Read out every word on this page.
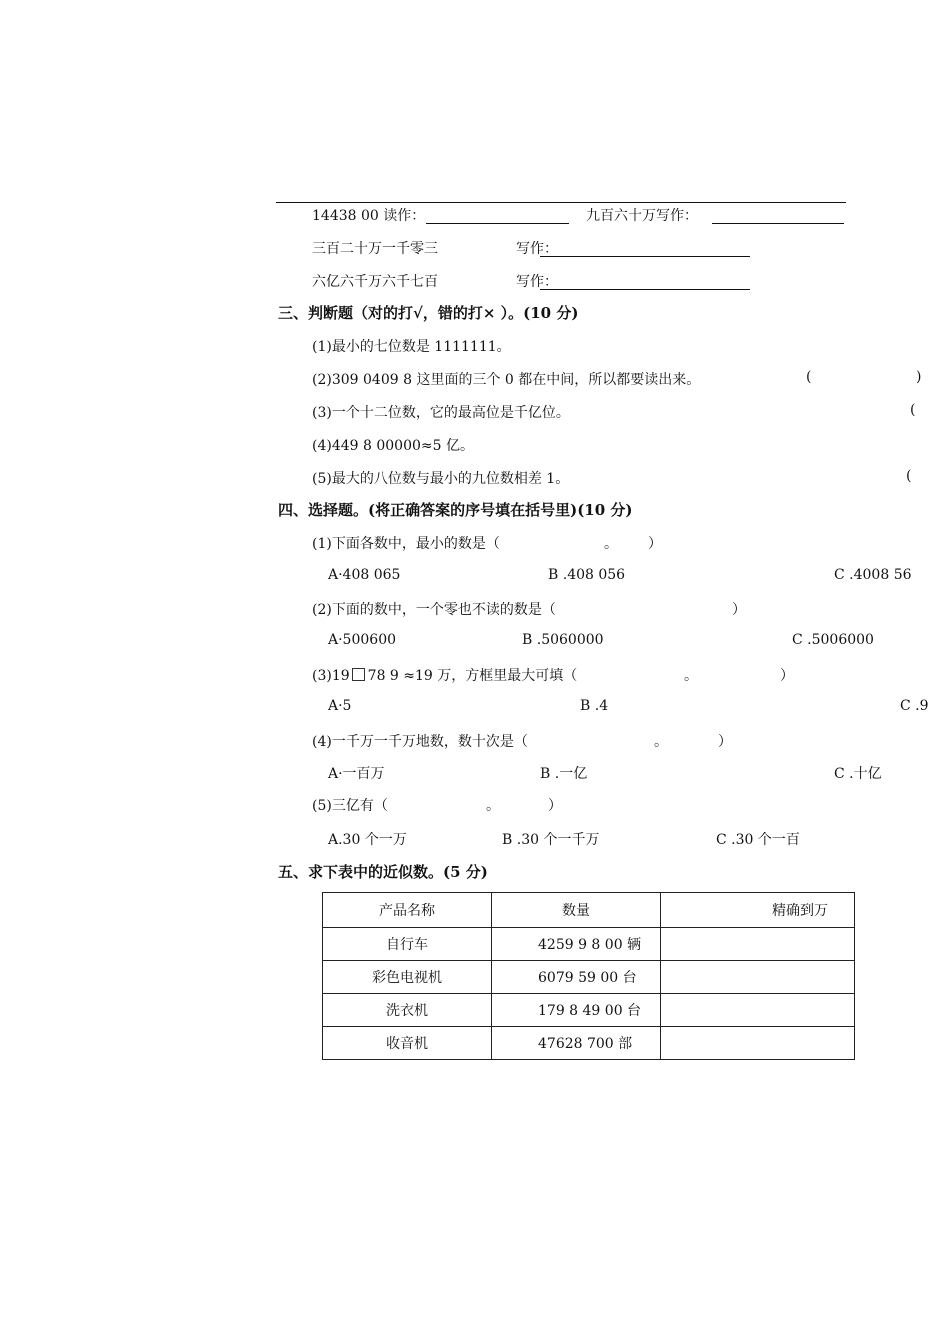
14438 00 读作：	九百六十万写作：
三百二十万一千零三	写作：
六亿六千万六千七百	写作：
三、判断题（对的打√，错的打× ）。(10 分)
(1)最小的七位数是 1111111。
(2)309 0409 8 这里面的三个 0 都在中间，所以都要读出来。	(	)
(3)一个十二位数，它的最高位是千亿位。	(
(4)449 8 00000≈5 亿。
(5)最大的八位数与最小的九位数相差 1。	(
四、选择题。(将正确答案的序号填在括号里)(10 分)
(1)下面各数中，最小的数是（	。 ）
A·408 065	B .408 056	C .4008 56
(2)下面的数中，一个零也不读的数是（	）
A·500600	B .5060000	C .5006000
(3)19 78 9 ≈19 万，方框里最大可填（	。	）
A·5	B .4	C .9
(4)一千万一千万地数，数十次是（	。	）
A·一百万	B .一亿	C .十亿
(5)三亿有（	。	）
A.30 个一万	B .30 个一千万	C .30 个一百
五、求下表中的近似数。(5 分)
产品名称	数量	精确到万
自行车	4259 9 8 00 辆	
彩色电视机	6079 59 00 台	
洗衣机	179 8 49 00 台	
收音机	47628 700 部	
